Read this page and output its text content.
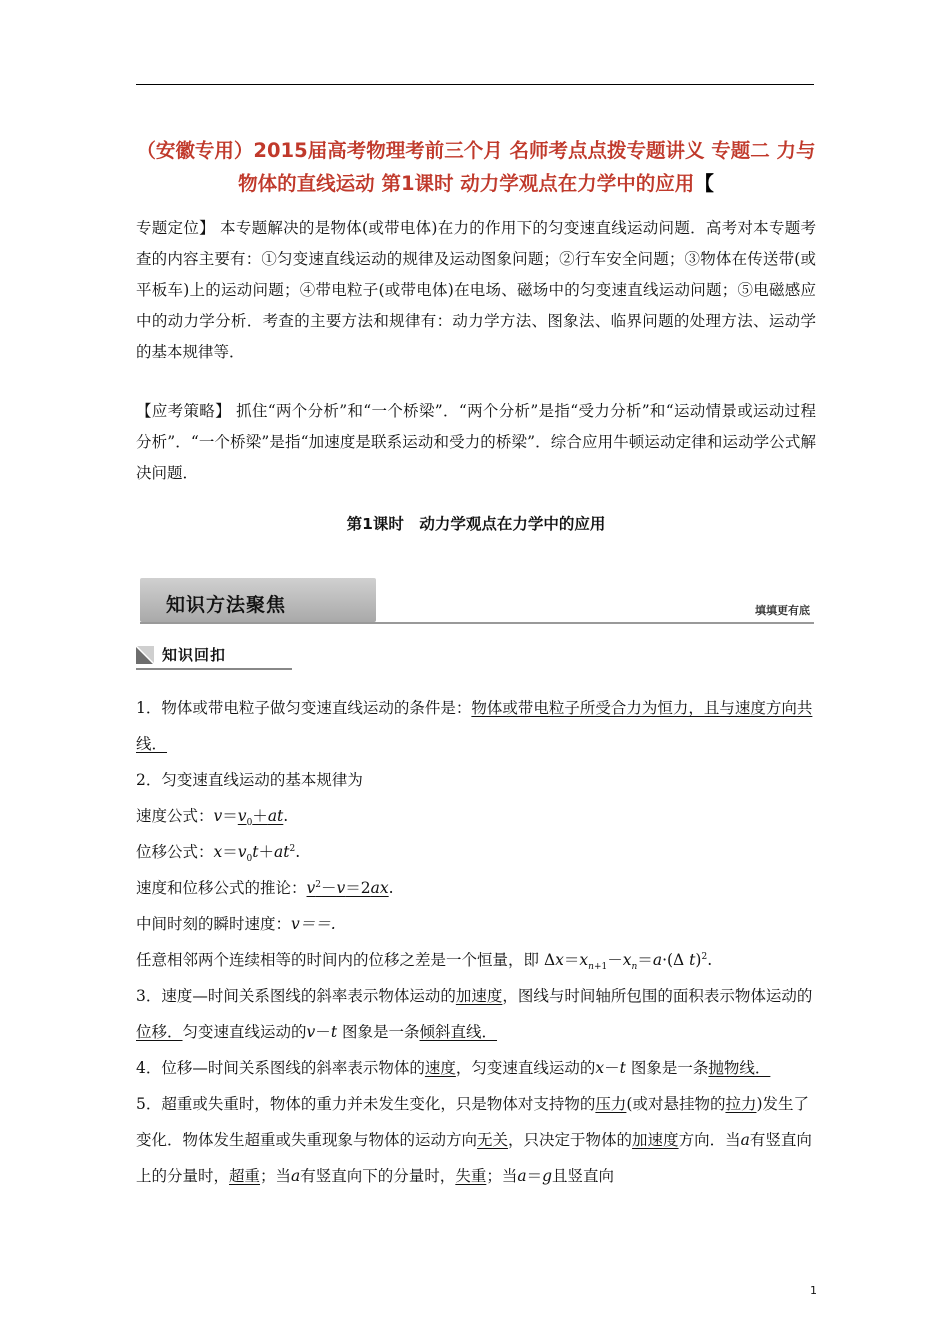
（安徽专用）2015届高考物理考前三个月 名师考点点拨专题讲义 专题二 力与物体的直线运动 第1课时 动力学观点在力学中的应用【
专题定位】 本专题解决的是物体(或带电体)在力的作用下的匀变速直线运动问题．高考对本专题考查的内容主要有：①匀变速直线运动的规律及运动图象问题；②行车安全问题；③物体在传送带(或平板车)上的运动问题；④带电粒子(或带电体)在电场、磁场中的匀变速直线运动问题；⑤电磁感应中的动力学分析．考查的主要方法和规律有：动力学方法、图象法、临界问题的处理方法、运动学的基本规律等．
【应考策略】 抓住“两个分析”和“一个桥梁”．“两个分析”是指“受力分析”和“运动情景或运动过程分析”．“一个桥梁”是指“加速度是联系运动和受力的桥梁”．综合应用牛顿运动定律和运动学公式解决问题．
第1课时　动力学观点在力学中的应用
知识方法聚焦	填填更有底
知识回扣

1．物体或带电粒子做匀变速直线运动的条件是：物体或带电粒子所受合力为恒力，且与速度方向共线．

2．匀变速直线运动的基本规律为

速度公式：$v=v_0+at$.

位移公式：$x=v_0t+at^2$.

速度和位移公式的推论：$v^2-v=2ax$.

中间时刻的瞬时速度：v＝＝.

任意相邻两个连续相等的时间内的位移之差是一个恒量，即 $\Delta x=x_{n+1}-x_n=a\cdot(\Delta$ t)$^2$.

3．速度—时间关系图线的斜率表示物体运动的加速度，图线与时间轴所包围的面积表示物体运动的位移．匀变速直线运动的v－t 图象是一条倾斜直线．

4．位移—时间关系图线的斜率表示物体的速度，匀变速直线运动的x－t 图象是一条抛物线．

5．超重或失重时，物体的重力并未发生变化，只是物体对支持物的压力(或对悬挂物的拉力)发生了变化．物体发生超重或失重现象与物体的运动方向无关，只决定于物体的加速度方向．当a有竖直向上的分量时，超重；当a有竖直向下的分量时，失重；当a＝g且竖直向

1
